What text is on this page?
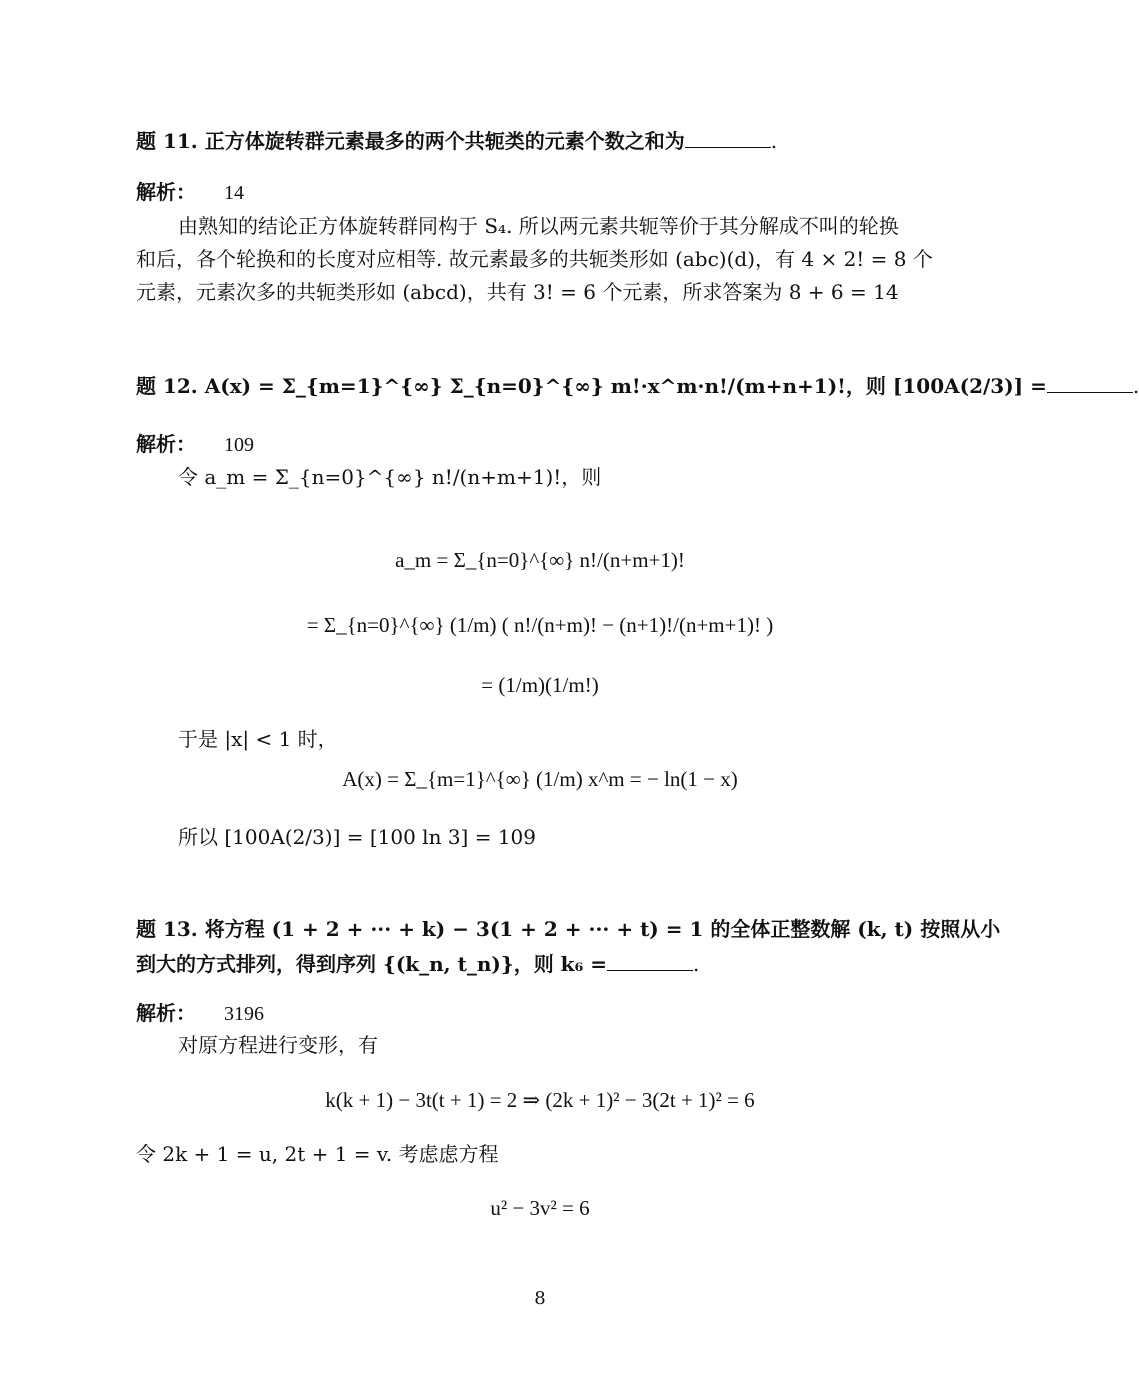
题 11. 正方体旋转群元素最多的两个共轭类的元素个数之和为	.
解析： 14
由熟知的结论正方体旋转群同构于 S₄. 所以两元素共轭等价于其分解成不叫的轮换
和后，各个轮换和的长度对应相等. 故元素最多的共轭类形如 (abc)(d)，有 4 × 2! = 8 个
元素，元素次多的共轭类形如 (abcd)，共有 3! = 6 个元素，所求答案为 8 + 6 = 14
题 12. A(x) = Σ_{m=1}^{∞} Σ_{n=0}^{∞} m!·x^m·n!/(m+n+1)!，则 [100A(2/3)] =	.
解析： 109
令 a_m = Σ_{n=0}^{∞} n!/(n+m+1)!，则
a_m = Σ_{n=0}^{∞} n!/(n+m+1)!
= Σ_{n=0}^{∞} (1/m) ( n!/(n+m)! − (n+1)!/(n+m+1)! )
= (1/m)(1/m!)
于是 |x| < 1 时，
A(x) = Σ_{m=1}^{∞} (1/m) x^m = − ln(1 − x)
所以 [100A(2/3)] = [100 ln 3] = 109
题 13. 将方程 (1 + 2 + ··· + k) − 3(1 + 2 + ··· + t) = 1 的全体正整数解 (k, t) 按照从小
到大的方式排列，得到序列 {(k_n, t_n)}，则 k₆ =	.
解析： 3196
对原方程进行变形，有
k(k + 1) − 3t(t + 1) = 2 ⇒ (2k + 1)² − 3(2t + 1)² = 6
令 2k + 1 = u, 2t + 1 = v. 考虑虑方程
u² − 3v² = 6
8
